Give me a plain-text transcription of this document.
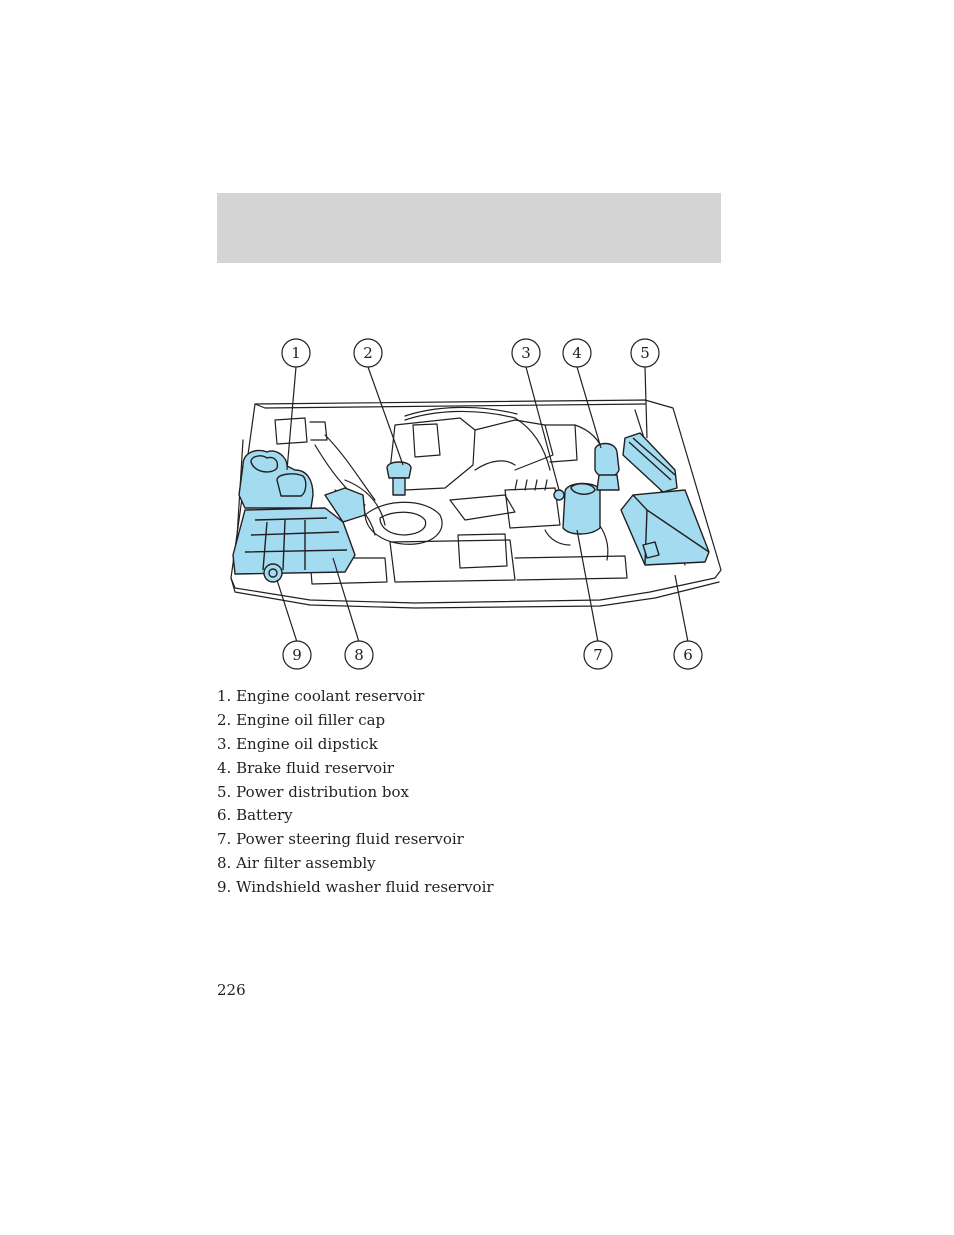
1	2	3	4	5
6
7
8
9
1. Engine coolant reservoir
2. Engine oil filler cap
3. Engine oil dipstick
4. Brake fluid reservoir
5. Power distribution box
6. Battery
7. Power steering fluid reservoir
8. Air filter assembly
9. Windshield washer fluid reservoir
226
